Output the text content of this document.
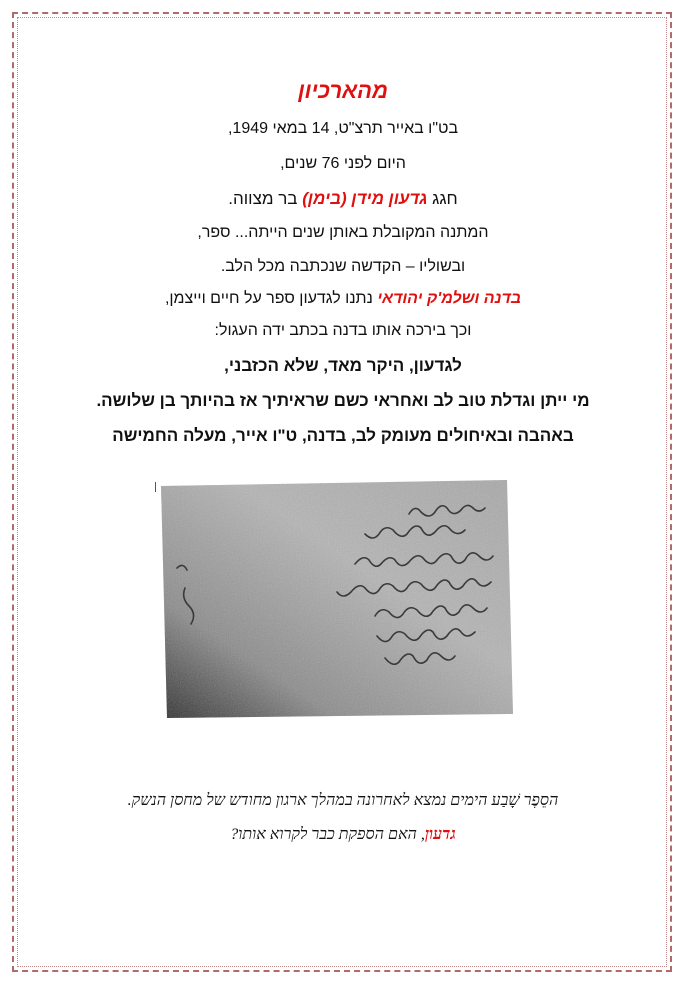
מהארכיון
בט"ו באייר תרצ"ט, 14 במאי 1949,
היום לפני 76 שנים,
חגג גדעון מידן (בימן) בר מצווה.
המתנה המקובלת באותן שנים הייתה... ספר,
ובשוליו – הקדשה שנכתבה מכל הלב.
בדנה ושלמ'ק יהודאי נתנו לגדעון ספר על חיים וייצמן,
וכך בירכה אותו בדנה בכתב ידה העגול:
לגדעון, היקר מאד, שלא הכזבני,
מי ייתן וגדלת טוב לב ואחראי כשם שראיתיך אז בהיותך בן שלושה.
באהבה ובאיחולים מעומק לב, בדנה, ט"ו אייר, מעלה החמישה
הסֵפֶר שָׁבַע הימים נמצא לאחרונה במהלך ארגון מחודש של מחסן הנשק.
גדעון, האם הספקת כבר לקרוא אותו?
